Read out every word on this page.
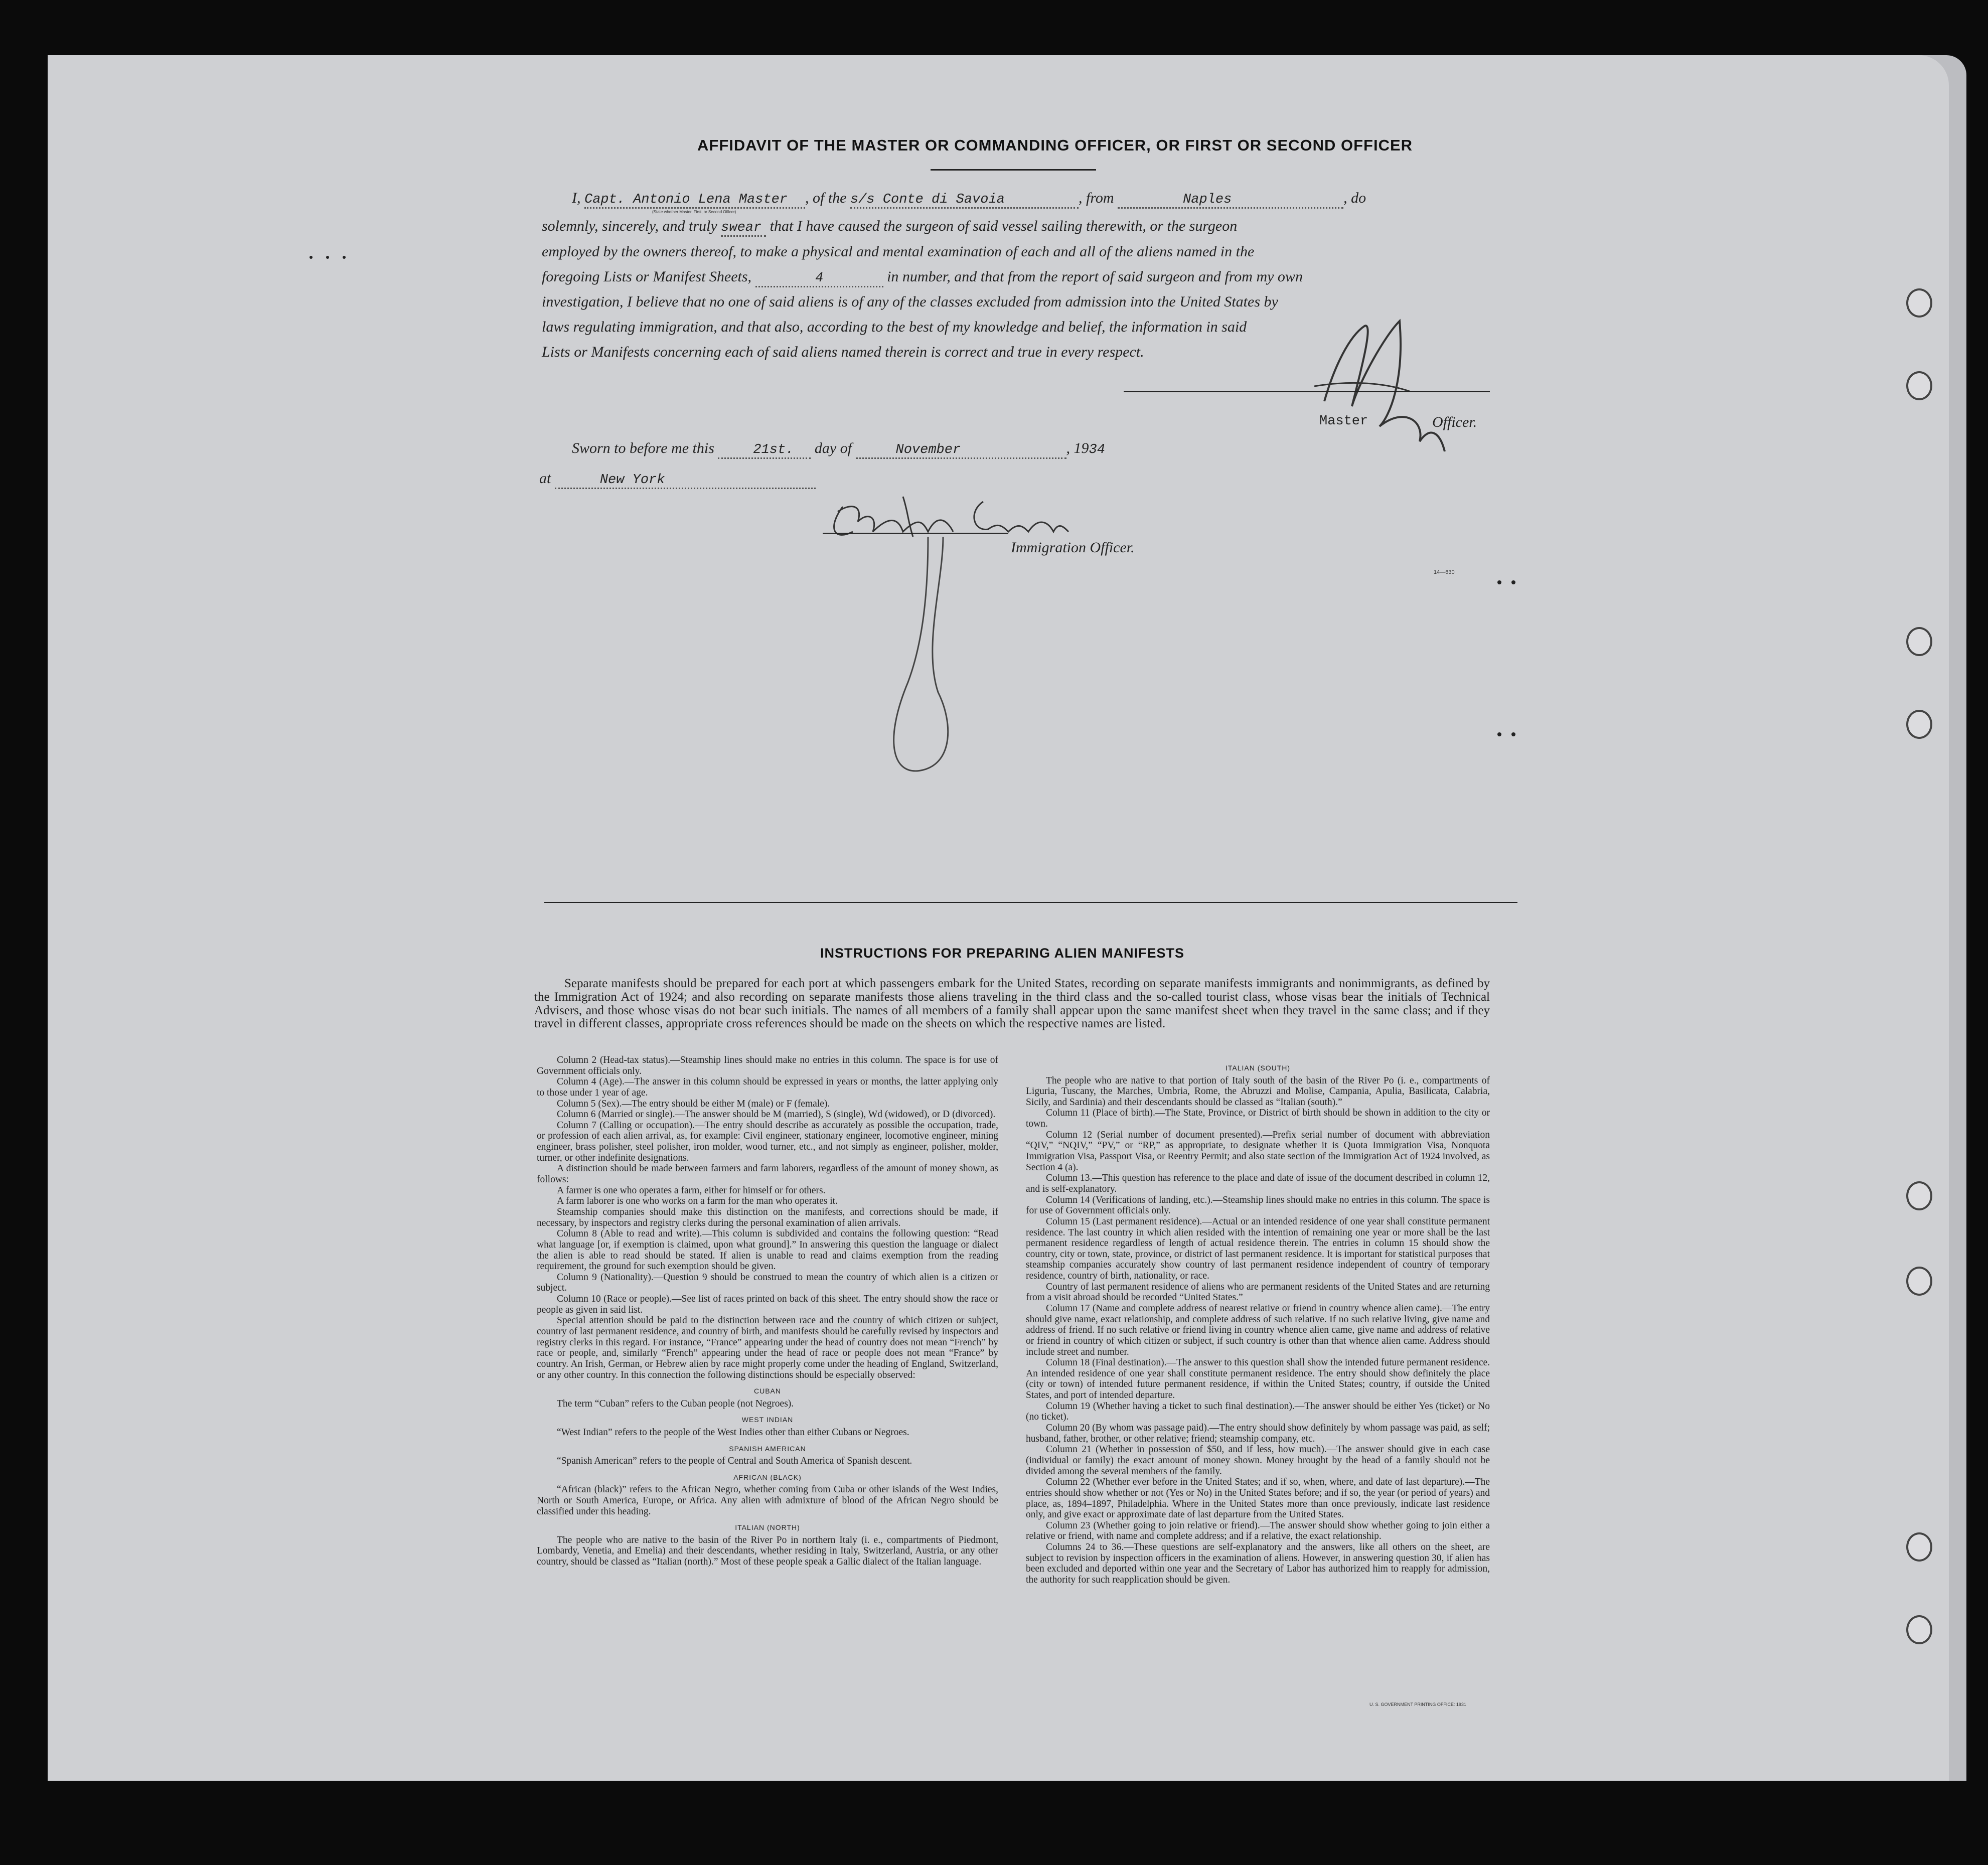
AFFIDAVIT OF THE MASTER OR COMMANDING OFFICER, OR FIRST OR SECOND OFFICER
I, Capt. Antonio Lena Master , of the s/s Conte di Savoia	, from	Naples	, do
(State whether Master, First, or Second Officer)
solemnly, sincerely, and truly swear that I have caused the surgeon of said vessel sailing therewith, or the surgeon
employed by the owners thereof, to make a physical and mental examination of each and all of the aliens named in the
foregoing Lists or Manifest Sheets,	4	in number, and that from the report of said surgeon and from my own
investigation, I believe that no one of said aliens is of any of the classes excluded from admission into the United States by
laws regulating immigration, and that also, according to the best of my knowledge and belief, the information in said
Lists or Manifests concerning each of said aliens named therein is correct and true in every respect.
Master	Officer.
Sworn to before me this	21st. day of	November	, 1934
at	New York
Immigration Officer.
14—630
INSTRUCTIONS FOR PREPARING ALIEN MANIFESTS
Separate manifests should be prepared for each port at which passengers embark for the United States, recording on separate manifests immigrants and nonimmigrants, as defined by the Immigration Act of 1924; and also recording on separate manifests those aliens traveling in the third class and the so-called tourist class, whose visas bear the initials of Technical Advisers, and those whose visas do not bear such initials. The names of all members of a family shall appear upon the same manifest sheet when they travel in the same class; and if they travel in different classes, appropriate cross references should be made on the sheets on which the respective names are listed.

Column 2 (Head-tax status).—Steamship lines should make no entries in this column. The space is for use of Government officials only.

Column 4 (Age).—The answer in this column should be expressed in years or months, the latter applying only to those under 1 year of age.

Column 5 (Sex).—The entry should be either M (male) or F (female).

Column 6 (Married or single).—The answer should be M (married), S (single), Wd (widowed), or D (divorced).

Column 7 (Calling or occupation).—The entry should describe as accurately as possible the occupation, trade, or profession of each alien arrival, as, for example: Civil engineer, stationary engineer, locomotive engineer, mining engineer, brass polisher, steel polisher, iron molder, wood turner, etc., and not simply as engineer, polisher, molder, turner, or other indefinite designations.

A distinction should be made between farmers and farm laborers, regardless of the amount of money shown, as follows:

A farmer is one who operates a farm, either for himself or for others.

A farm laborer is one who works on a farm for the man who operates it.

Steamship companies should make this distinction on the manifests, and corrections should be made, if necessary, by inspectors and registry clerks during the personal examination of alien arrivals.

Column 8 (Able to read and write).—This column is subdivided and contains the following question: “Read what language [or, if exemption is claimed, upon what ground].” In answering this question the language or dialect the alien is able to read should be stated. If alien is unable to read and claims exemption from the reading requirement, the ground for such exemption should be given.

Column 9 (Nationality).—Question 9 should be construed to mean the country of which alien is a citizen or subject.

Column 10 (Race or people).—See list of races printed on back of this sheet. The entry should show the race or people as given in said list.

Special attention should be paid to the distinction between race and the country of which citizen or subject, country of last permanent residence, and country of birth, and manifests should be carefully revised by inspectors and registry clerks in this regard. For instance, “France” appearing under the head of country does not mean “French” by race or people, and, similarly “French” appearing under the head of race or people does not mean “France” by country. An Irish, German, or Hebrew alien by race might properly come under the heading of England, Switzerland, or any other country. In this connection the following distinctions should be especially observed:

CUBAN

The term “Cuban” refers to the Cuban people (not Negroes).

WEST INDIAN

“West Indian” refers to the people of the West Indies other than either Cubans or Negroes.

SPANISH AMERICAN

“Spanish American” refers to the people of Central and South America of Spanish descent.

AFRICAN (BLACK)

“African (black)” refers to the African Negro, whether coming from Cuba or other islands of the West Indies, North or South America, Europe, or Africa. Any alien with admixture of blood of the African Negro should be classified under this heading.

ITALIAN (NORTH)

The people who are native to the basin of the River Po in northern Italy (i. e., compartments of Piedmont, Lombardy, Venetia, and Emelia) and their descendants, whether residing in Italy, Switzerland, Austria, or any other country, should be classed as “Italian (north).” Most of these people speak a Gallic dialect of the Italian language.

ITALIAN (SOUTH)

The people who are native to that portion of Italy south of the basin of the River Po (i. e., compartments of Liguria, Tuscany, the Marches, Umbria, Rome, the Abruzzi and Molise, Campania, Apulia, Basilicata, Calabria, Sicily, and Sardinia) and their descendants should be classed as “Italian (south).”

Column 11 (Place of birth).—The State, Province, or District of birth should be shown in addition to the city or town.

Column 12 (Serial number of document presented).—Prefix serial number of document with abbreviation “QIV,” “NQIV,” “PV,” or “RP,” as appropriate, to designate whether it is Quota Immigration Visa, Nonquota Immigration Visa, Passport Visa, or Reentry Permit; and also state section of the Immigration Act of 1924 involved, as Section 4 (a).

Column 13.—This question has reference to the place and date of issue of the document described in column 12, and is self-explanatory.

Column 14 (Verifications of landing, etc.).—Steamship lines should make no entries in this column. The space is for use of Government officials only.

Column 15 (Last permanent residence).—Actual or an intended residence of one year shall constitute permanent residence. The last country in which alien resided with the intention of remaining one year or more shall be the last permanent residence regardless of length of actual residence therein. The entries in column 15 should show the country, city or town, state, province, or district of last permanent residence. It is important for statistical purposes that steamship companies accurately show country of last permanent residence independent of country of temporary residence, country of birth, nationality, or race.

Country of last permanent residence of aliens who are permanent residents of the United States and are returning from a visit abroad should be recorded “United States.”

Column 17 (Name and complete address of nearest relative or friend in country whence alien came).—The entry should give name, exact relationship, and complete address of such relative. If no such relative living, give name and address of friend. If no such relative or friend living in country whence alien came, give name and address of relative or friend in country of which citizen or subject, if such country is other than that whence alien came. Address should include street and number.

Column 18 (Final destination).—The answer to this question shall show the intended future permanent residence. An intended residence of one year shall constitute permanent residence. The entry should show definitely the place (city or town) of intended future permanent residence, if within the United States; country, if outside the United States, and port of intended departure.

Column 19 (Whether having a ticket to such final destination).—The answer should be either Yes (ticket) or No (no ticket).

Column 20 (By whom was passage paid).—The entry should show definitely by whom passage was paid, as self; husband, father, brother, or other relative; friend; steamship company, etc.

Column 21 (Whether in possession of $50, and if less, how much).—The answer should give in each case (individual or family) the exact amount of money shown. Money brought by the head of a family should not be divided among the several members of the family.

Column 22 (Whether ever before in the United States; and if so, when, where, and date of last departure).—The entries should show whether or not (Yes or No) in the United States before; and if so, the year (or period of years) and place, as, 1894–1897, Philadelphia. Where in the United States more than once previously, indicate last residence only, and give exact or approximate date of last departure from the United States.

Column 23 (Whether going to join relative or friend).—The answer should show whether going to join either a relative or friend, with name and complete address; and if a relative, the exact relationship.

Columns 24 to 36.—These questions are self-explanatory and the answers, like all others on the sheet, are subject to revision by inspection officers in the examination of aliens. However, in answering question 30, if alien has been excluded and deported within one year and the Secretary of Labor has authorized him to reapply for admission, the authority for such reapplication should be given.

U. S. GOVERNMENT PRINTING OFFICE: 1931
